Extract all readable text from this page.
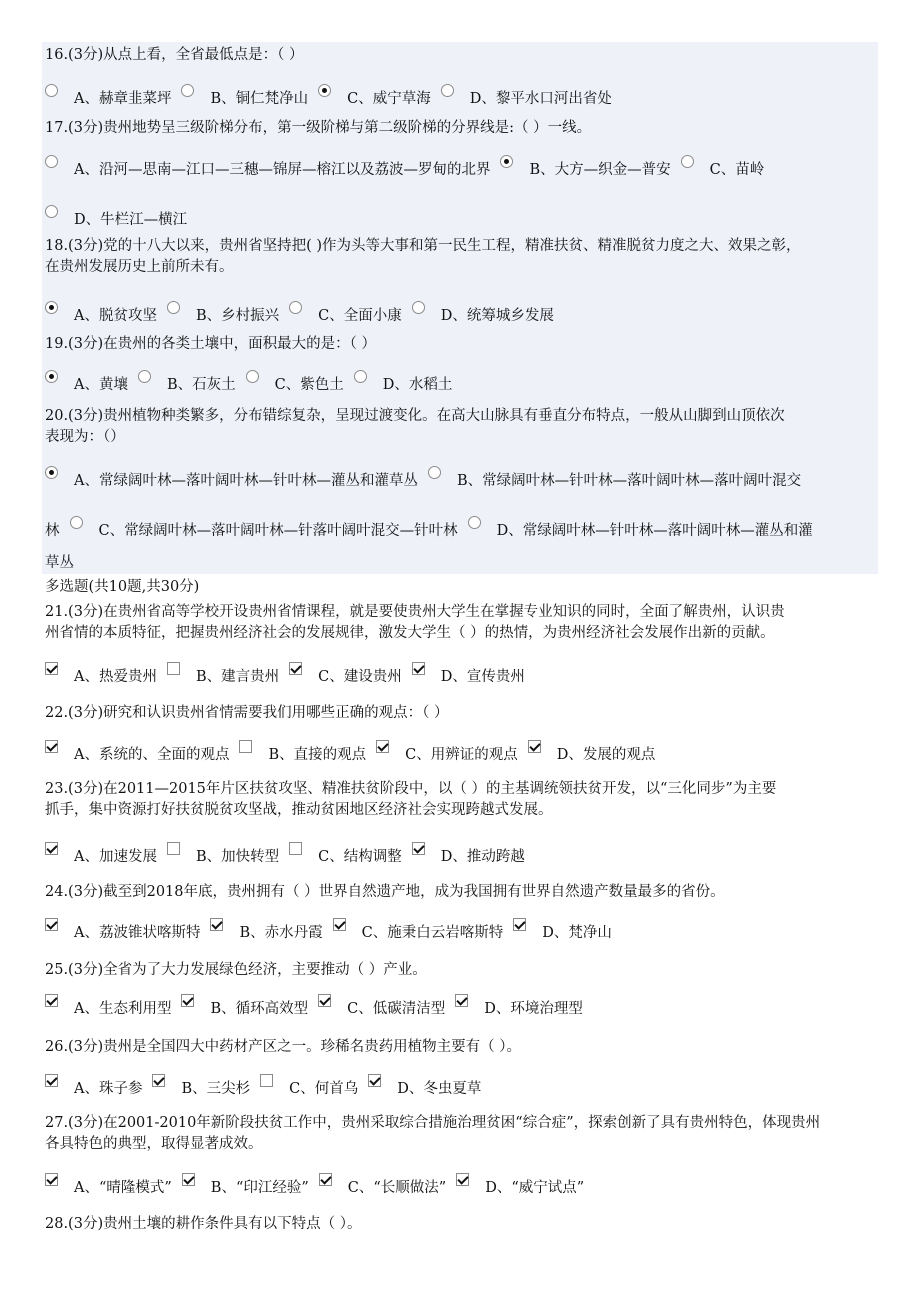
16.(3分)从点上看，全省最低点是：（ ）
A、赫章韭菜坪	B、铜仁梵净山	C、威宁草海	D、黎平水口河出省处
17.(3分)贵州地势呈三级阶梯分布，第一级阶梯与第二级阶梯的分界线是:（ ）一线。
A、沿河—思南—江口—三穗—锦屏—榕江以及荔波—罗甸的北界	B、大方—织金—普安	C、苗岭
D、牛栏江—横江
18.(3分)党的十八大以来，贵州省坚持把( )作为头等大事和第一民生工程，精准扶贫、精准脱贫力度之大、效果之彰，
在贵州发展历史上前所未有。
A、脱贫攻坚	B、乡村振兴	C、全面小康	D、统筹城乡发展
19.(3分)在贵州的各类土壤中，面积最大的是：（ ）
A、黄壤	B、石灰土	C、紫色土	D、水稻土
20.(3分)贵州植物种类繁多，分布错综复杂，呈现过渡变化。在高大山脉具有垂直分布特点，一般从山脚到山顶依次
表现为：（）
A、常绿阔叶林—落叶阔叶林—针叶林—灌丛和灌草丛	B、常绿阔叶林—针叶林—落叶阔叶林—落叶阔叶混交
林	C、常绿阔叶林—落叶阔叶林—针落叶阔叶混交—针叶林	D、常绿阔叶林—针叶林—落叶阔叶林—灌丛和灌
草丛
21.(3分)在贵州省高等学校开设贵州省情课程，就是要使贵州大学生在掌握专业知识的同时，全面了解贵州，认识贵
州省情的本质特征，把握贵州经济社会的发展规律，激发大学生（ ）的热情，为贵州经济社会发展作出新的贡献。
A、热爱贵州	B、建言贵州	C、建设贵州	D、宣传贵州
22.(3分)研究和认识贵州省情需要我们用哪些正确的观点：（ ）
A、系统的、全面的观点	B、直接的观点	C、用辨证的观点	D、发展的观点
23.(3分)在2011—2015年片区扶贫攻坚、精准扶贫阶段中，以（ ）的主基调统领扶贫开发，以“三化同步”为主要
抓手，集中资源打好扶贫脱贫攻坚战，推动贫困地区经济社会实现跨越式发展。
A、加速发展	B、加快转型	C、结构调整	D、推动跨越
24.(3分)截至到2018年底，贵州拥有（ ）世界自然遗产地，成为我国拥有世界自然遗产数量最多的省份。
A、荔波锥状喀斯特	B、赤水丹霞	C、施秉白云岩喀斯特	D、梵净山
25.(3分)全省为了大力发展绿色经济，主要推动（ ）产业。
A、生态利用型	B、循环高效型	C、低碳清洁型	D、环境治理型
26.(3分)贵州是全国四大中药材产区之一。珍稀名贵药用植物主要有（ ）。
A、珠子参	B、三尖杉	C、何首乌	D、冬虫夏草
27.(3分)在2001-2010年新阶段扶贫工作中，贵州采取综合措施治理贫困“综合症”，探索创新了具有贵州特色，体现贵州
各具特色的典型，取得显著成效。
A、“晴隆模式”	B、“印江经验”	C、“长顺做法”	D、“威宁试点”
28.(3分)贵州土壤的耕作条件具有以下特点（ ）。
多选题(共10题,共30分)
